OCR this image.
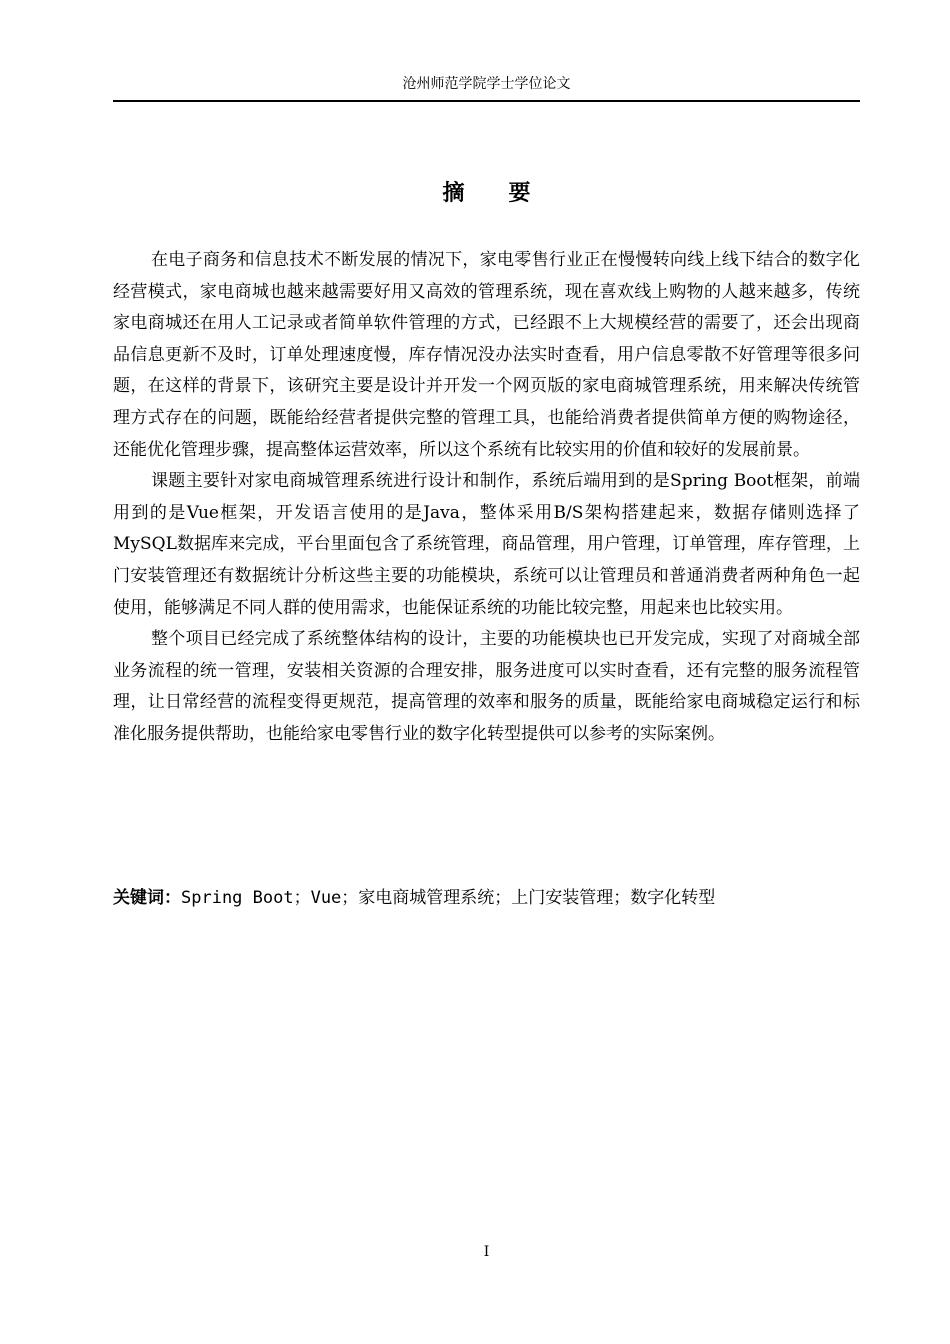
沧州师范学院学士学位论文
摘要

在电子商务和信息技术不断发展的情况下，家电零售行业正在慢慢转向线上线下结合的数字化经营模式，家电商城也越来越需要好用又高效的管理系统，现在喜欢线上购物的人越来越多，传统家电商城还在用人工记录或者简单软件管理的方式，已经跟不上大规模经营的需要了，还会出现商品信息更新不及时，订单处理速度慢，库存情况没办法实时查看，用户信息零散不好管理等很多问题，在这样的背景下，该研究主要是设计并开发一个网页版的家电商城管理系统，用来解决传统管理方式存在的问题，既能给经营者提供完整的管理工具，也能给消费者提供简单方便的购物途径，还能优化管理步骤，提高整体运营效率，所以这个系统有比较实用的价值和较好的发展前景。

课题主要针对家电商城管理系统进行设计和制作，系统后端用到的是Spring Boot框架，前端用到的是Vue框架，开发语言使用的是Java，整体采用B/S架构搭建起来，数据存储则选择了MySQL数据库来完成，平台里面包含了系统管理，商品管理，用户管理，订单管理，库存管理，上门安装管理还有数据统计分析这些主要的功能模块，系统可以让管理员和普通消费者两种角色一起使用，能够满足不同人群的使用需求，也能保证系统的功能比较完整，用起来也比较实用。

整个项目已经完成了系统整体结构的设计，主要的功能模块也已开发完成，实现了对商城全部业务流程的统一管理，安装相关资源的合理安排，服务进度可以实时查看，还有完整的服务流程管理，让日常经营的流程变得更规范，提高管理的效率和服务的质量，既能给家电商城稳定运行和标准化服务提供帮助，也能给家电零售行业的数字化转型提供可以参考的实际案例。

关键词：Spring Boot；Vue；家电商城管理系统；上门安装管理；数字化转型
I
